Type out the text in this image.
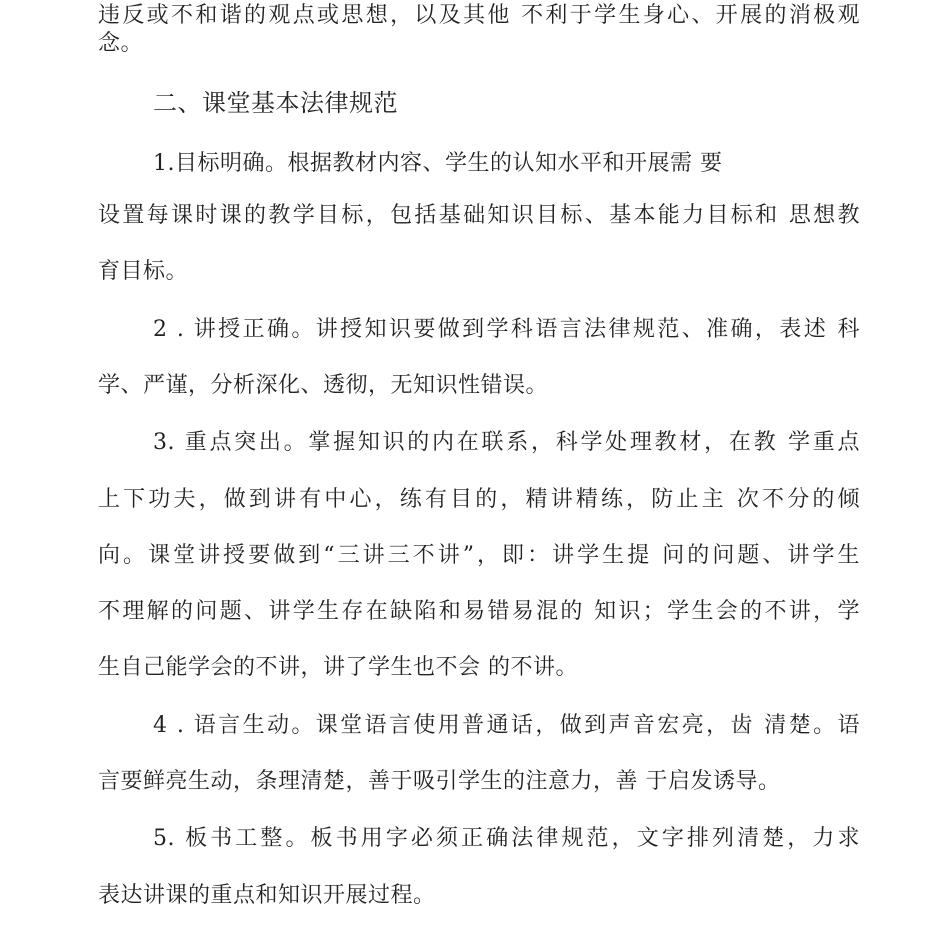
违反或不和谐的观点或思想，以及其他 不利于学生身心、开展的消极观
念。
二、课堂基本法律规范
1.目标明确。根据教材内容、学生的认知水平和开展需 要
设置每课时课的教学目标，包括基础知识目标、基本能力目标和 思想教
育目标。
2 . 讲授正确。讲授知识要做到学科语言法律规范、准确，表述 科
学、严谨，分析深化、透彻，无知识性错误。
3. 重点突出。掌握知识的内在联系，科学处理教材，在教 学重点
上下功夫，做到讲有中心，练有目的，精讲精练，防止主 次不分的倾
向。课堂讲授要做到“三讲三不讲”，即：讲学生提 问的问题、讲学生
不理解的问题、讲学生存在缺陷和易错易混的 知识；学生会的不讲，学
生自己能学会的不讲，讲了学生也不会 的不讲。
4 . 语言生动。课堂语言使用普通话，做到声音宏亮，齿 清楚。语
言要鲜亮生动，条理清楚，善于吸引学生的注意力，善 于启发诱导。
5. 板书工整。板书用字必须正确法律规范，文字排列清楚，力求
表达讲课的重点和知识开展过程。
